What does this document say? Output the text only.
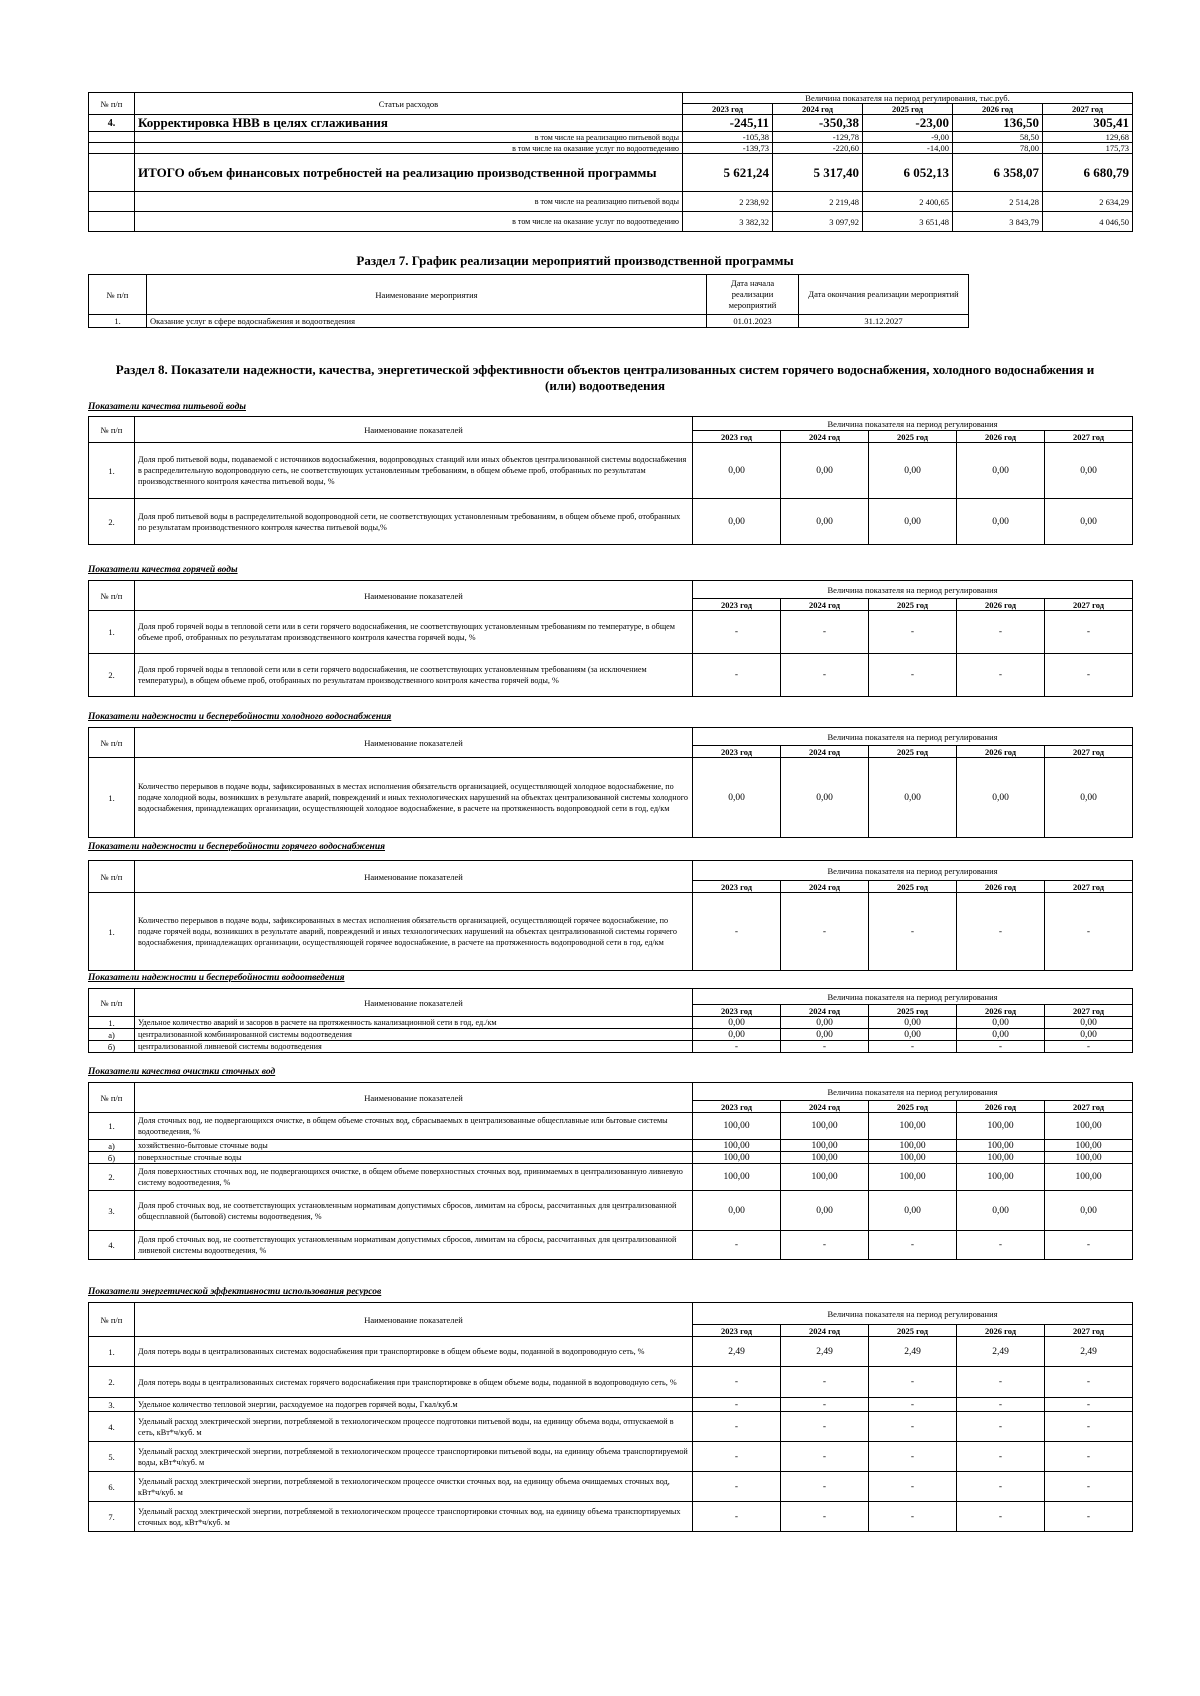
№ п/п	Статьи расходов	Величина показателя на период регулирования, тыс.руб.				
		2023 год	2024 год	2025 год	2026 год	2027 год
4.	Корректировка НВВ в целях сглаживания	-245,11	-350,38	-23,00	136,50	305,41
	в том числе на реализацию питьевой воды	-105,38	-129,78	-9,00	58,50	129,68
	в том числе на оказание услуг по водоотведению	-139,73	-220,60	-14,00	78,00	175,73
	ИТОГО объем финансовых потребностей на реализацию производственной программы	5 621,24	5 317,40	6 052,13	6 358,07	6 680,79
	в том числе на реализацию питьевой воды	2 238,92	2 219,48	2 400,65	2 514,28	2 634,29
	в том числе на оказание услуг по водоотведению	3 382,32	3 097,92	3 651,48	3 843,79	4 046,50
Раздел 7. График реализации мероприятий производственной программы
№ п/п	Наименование мероприятия	Дата начала реализации мероприятий	Дата окончания реализации мероприятий
1.	Оказание услуг в сфере водоснабжения и водоотведения	01.01.2023	31.12.2027
Раздел 8. Показатели надежности, качества, энергетической эффективности объектов централизованных систем горячего водоснабжения, холодного водоснабжения и (или) водоотведения
Показатели качества питьевой воды
№ п/п	Наименование показателей	Величина показателя на период регулирования				
		2023 год	2024 год	2025 год	2026 год	2027 год
1.	Доля проб питьевой воды, подаваемой с источников водоснабжения, водопроводных станций или иных объектов централизованной системы водоснабжения в распределительную водопроводную сеть, не соответствующих установленным требованиям, в общем объеме проб, отобранных по результатам производственного контроля качества питьевой воды, %	0,00	0,00	0,00	0,00	0,00
2.	Доля проб питьевой воды в распределительной водопроводной сети, не соответствующих установленным требованиям, в общем объеме проб, отобранных по результатам производственного контроля качества питьевой воды,%	0,00	0,00	0,00	0,00	0,00
Показатели качества горячей воды
№ п/п	Наименование показателей	Величина показателя на период регулирования				
		2023 год	2024 год	2025 год	2026 год	2027 год
1.	Доля проб горячей воды в тепловой сети или в сети горячего водоснабжения, не соответствующих установленным требованиям по температуре, в общем объеме проб, отобранных по результатам производственного контроля качества горячей воды, %	-	-	-	-	-
2.	Доля проб горячей воды в тепловой сети или в сети горячего водоснабжения, не соответствующих установленным требованиям (за исключением температуры), в общем объеме проб, отобранных по результатам производственного контроля качества горячей воды, %	-	-	-	-	-
Показатели надежности и бесперебойности холодного водоснабжения
№ п/п	Наименование показателей	Величина показателя на период регулирования				
		2023 год	2024 год	2025 год	2026 год	2027 год
1.	Количество перерывов в подаче воды, зафиксированных в местах исполнения обязательств организацией, осуществляющей холодное водоснабжение, по подаче холодной воды, возникших в результате аварий, повреждений и иных технологических нарушений на объектах централизованной системы холодного водоснабжения, принадлежащих организации, осуществляющей холодное водоснабжение, в расчете на протяженность водопроводной сети в год, ед/км	0,00	0,00	0,00	0,00	0,00
Показатели надежности и бесперебойности горячего водоснабжения
№ п/п	Наименование показателей	Величина показателя на период регулирования				
		2023 год	2024 год	2025 год	2026 год	2027 год
1.	Количество перерывов в подаче воды, зафиксированных в местах исполнения обязательств организацией, осуществляющей горячее водоснабжение, по подаче горячей воды, возникших в результате аварий, повреждений и иных технологических нарушений на объектах централизованной системы горячего водоснабжения, принадлежащих организации, осуществляющей горячее водоснабжение, в расчете на протяженность водопроводной сети в год, ед/км	-	-	-	-	-
Показатели надежности и бесперебойности водоотведения
№ п/п	Наименование показателей	Величина показателя на период регулирования				
		2023 год	2024 год	2025 год	2026 год	2027 год
1.	Удельное количество аварий и засоров в расчете на протяженность канализационной сети в год, ед./км	0,00	0,00	0,00	0,00	0,00
а)	централизованной комбинированной системы водоотведения	0,00	0,00	0,00	0,00	0,00
б)	централизованной ливневой системы водоотведения	-	-	-	-	-
Показатели качества очистки сточных вод
№ п/п	Наименование показателей	Величина показателя на период регулирования				
		2023 год	2024 год	2025 год	2026 год	2027 год
1.	Доля сточных вод, не подвергающихся очистке, в общем объеме сточных вод, сбрасываемых в централизованные общесплавные или бытовые системы водоотведения, %	100,00	100,00	100,00	100,00	100,00
а)	хозяйственно-бытовые сточные воды	100,00	100,00	100,00	100,00	100,00
б)	поверхностные сточные воды	100,00	100,00	100,00	100,00	100,00
2.	Доля поверхностных сточных вод, не подвергающихся очистке, в общем объеме поверхностных сточных вод, принимаемых в централизованную ливневую систему водоотведения, %	100,00	100,00	100,00	100,00	100,00
3.	Доля проб сточных вод, не соответствующих установленным нормативам допустимых сбросов, лимитам на сбросы, рассчитанных для централизованной общесплавной (бытовой) системы водоотведения, %	0,00	0,00	0,00	0,00	0,00
4.	Доля проб сточных вод, не соответствующих установленным нормативам допустимых сбросов, лимитам на сбросы, рассчитанных для централизованной ливневой системы водоотведения, %	-	-	-	-	-
Показатели энергетической эффективности использования ресурсов
№ п/п	Наименование показателей	Величина показателя на период регулирования				
		2023 год	2024 год	2025 год	2026 год	2027 год
1.	Доля потерь воды в централизованных системах водоснабжения при транспортировке в общем объеме воды, поданной в водопроводную сеть, %	2,49	2,49	2,49	2,49	2,49
2.	Доля потерь воды в централизованных системах горячего водоснабжения при транспортировке в общем объеме воды, поданной в водопроводную сеть, %	-	-	-	-	-
3.	Удельное количество тепловой энергии, расходуемое на подогрев горячей воды, Гкал/куб.м	-	-	-	-	-
4.	Удельный расход электрической энергии, потребляемой в технологическом процессе подготовки питьевой воды, на единицу объема воды, отпускаемой в сеть, кВт*ч/куб. м	-	-	-	-	-
5.	Удельный расход электрической энергии, потребляемой в технологическом процессе транспортировки питьевой воды, на единицу объема транспортируемой воды, кВт*ч/куб. м	-	-	-	-	-
6.	Удельный расход электрической энергии, потребляемой в технологическом процессе очистки сточных вод, на единицу объема очищаемых сточных вод, кВт*ч/куб. м	-	-	-	-	-
7.	Удельный расход электрической энергии, потребляемой в технологическом процессе транспортировки сточных вод, на единицу объема транспортируемых сточных вод, кВт*ч/куб. м	-	-	-	-	-
